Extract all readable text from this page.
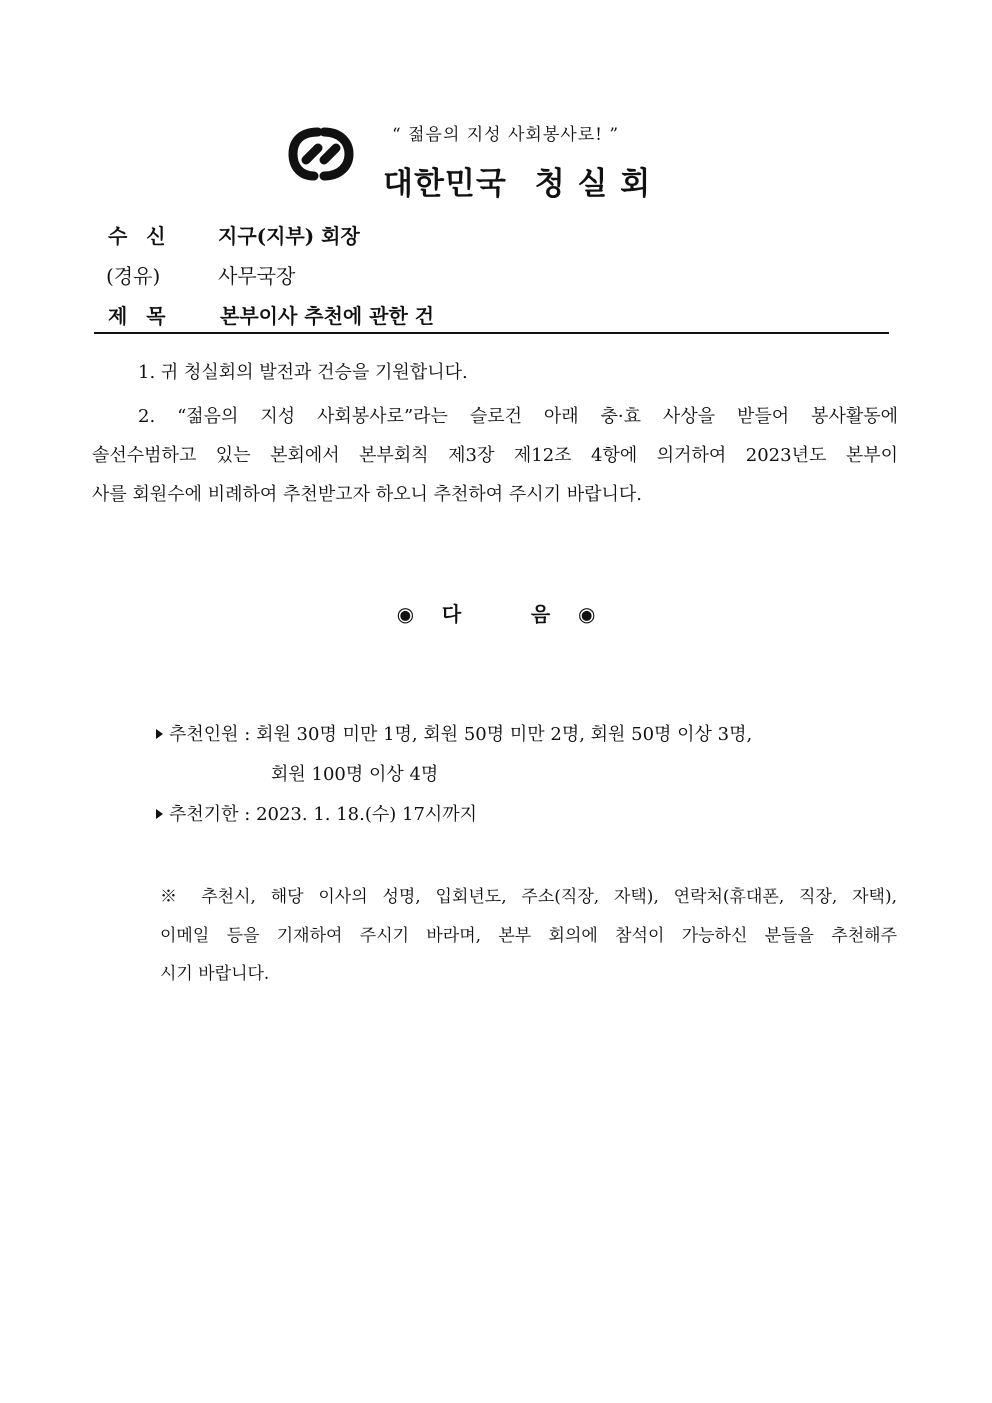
“ 젊음의 지성 사회봉사로! ”
대한민국 청 실 회
수 신	지구(지부) 회장
(경유)	사무국장
제 목	본부이사 추천에 관한 건
1. 귀 청실회의 발전과 건승을 기원합니다.
2. “젊음의 지성 사회봉사로”라는 슬로건 아래 충·효 사상을 받들어 봉사활동에
솔선수범하고 있는 본회에서 본부회칙 제3장 제12조 4항에 의거하여 2023년도 본부이
사를 회원수에 비례하여 추천받고자 하오니 추천하여 주시기 바랍니다.
◉    다          음    ◉
추천인원 : 회원 30명 미만 1명, 회원 50명 미만 2명, 회원 50명 이상 3명,
회원 100명 이상 4명
추천기한 : 2023. 1. 18.(수) 17시까지
※ 추천시, 해당 이사의 성명, 입회년도, 주소(직장, 자택), 연락처(휴대폰, 직장, 자택),
이메일 등을 기재하여 주시기 바라며, 본부 회의에 참석이 가능하신 분들을 추천해주
시기 바랍니다.
